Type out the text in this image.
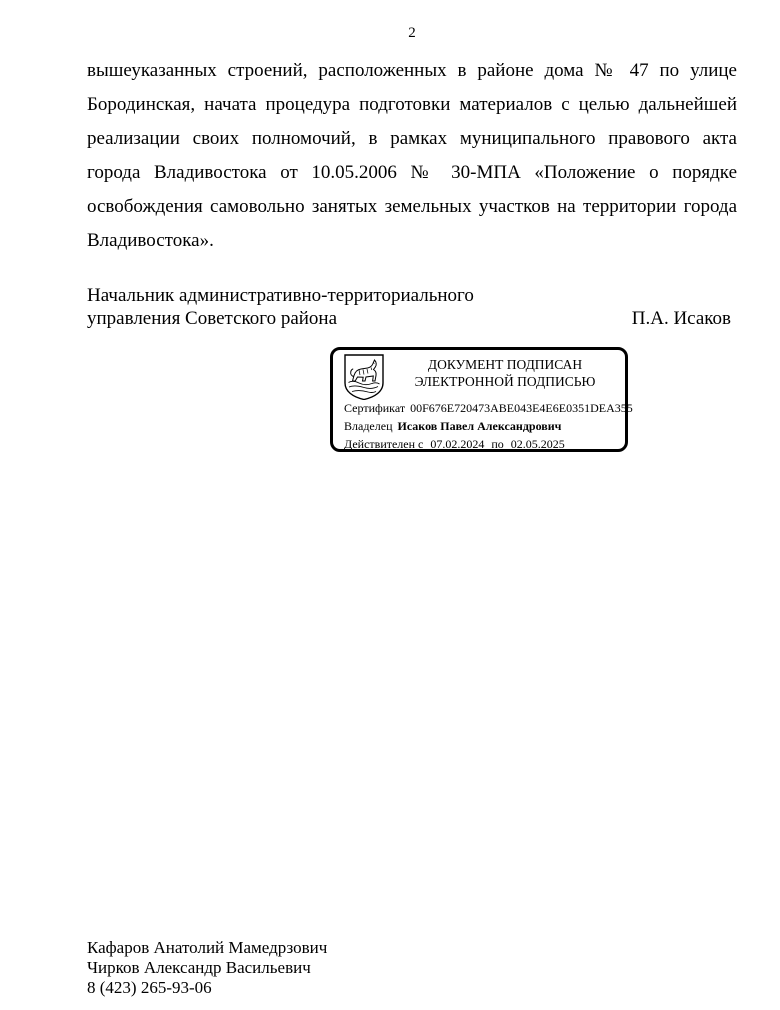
2
вышеуказанных строений, расположенных в районе дома № 47 по улице
Бородинская, начата процедура подготовки материалов с целью дальнейшей
реализации своих полномочий, в рамках муниципального правового акта
города Владивостока от 10.05.2006 № 30-МПА «Положение о порядке
освобождения самовольно занятых земельных участков на территории города
Владивостока».
Начальник административно-территориального
управления Советского района	П.А. Исаков
ДОКУМЕНТ ПОДПИСАН
ЭЛЕКТРОННОЙ ПОДПИСЬЮ
Сертификат 00F676E720473ABE043E4E6E0351DEA355
Владелец Исаков Павел Александрович
Действителен с 07.02.2024 по 02.05.2025
Кафаров Анатолий Мамедрзович
Чирков Александр Васильевич
8 (423) 265-93-06
